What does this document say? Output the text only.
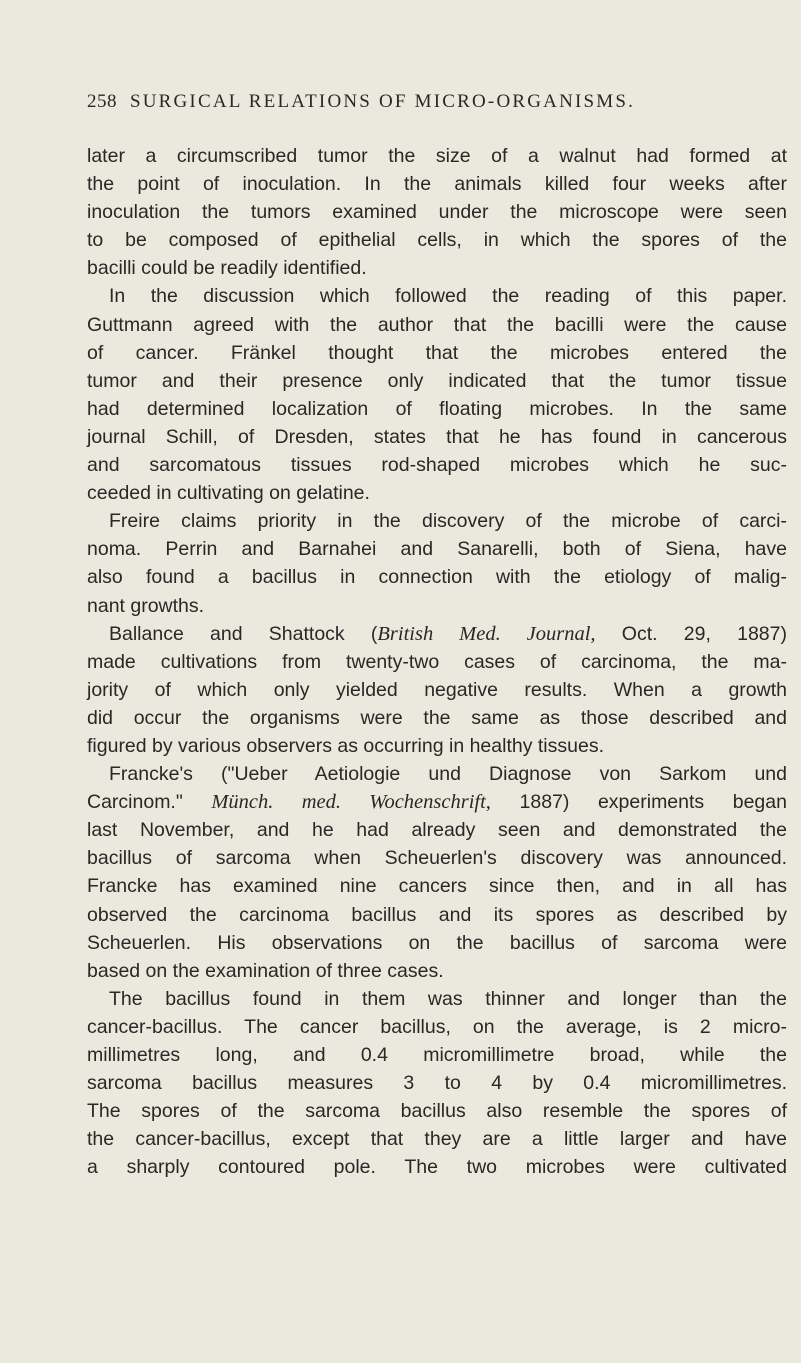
258 SURGICAL RELATIONS OF MICRO-ORGANISMS.
later a circumscribed tumor the size of a walnut had formed at
the point of inoculation. In the animals killed four weeks after
inoculation the tumors examined under the microscope were seen
to be composed of epithelial cells, in which the spores of the
bacilli could be readily identified.
In the discussion which followed the reading of this paper.
Guttmann agreed with the author that the bacilli were the cause
of cancer. Fränkel thought that the microbes entered the
tumor and their presence only indicated that the tumor tissue
had determined localization of floating microbes. In the same
journal Schill, of Dresden, states that he has found in cancerous
and sarcomatous tissues rod-shaped microbes which he suc-
ceeded in cultivating on gelatine.
Freire claims priority in the discovery of the microbe of carci-
noma. Perrin and Barnahei and Sanarelli, both of Siena, have
also found a bacillus in connection with the etiology of malig-
nant growths.
Ballance and Shattock (British Med. Journal, Oct. 29, 1887)
made cultivations from twenty-two cases of carcinoma, the ma-
jority of which only yielded negative results. When a growth
did occur the organisms were the same as those described and
figured by various observers as occurring in healthy tissues.
Francke's ("Ueber Aetiologie und Diagnose von Sarkom und
Carcinom." Münch. med. Wochenschrift, 1887) experiments began
last November, and he had already seen and demonstrated the
bacillus of sarcoma when Scheuerlen's discovery was announced.
Francke has examined nine cancers since then, and in all has
observed the carcinoma bacillus and its spores as described by
Scheuerlen. His observations on the bacillus of sarcoma were
based on the examination of three cases.
The bacillus found in them was thinner and longer than the
cancer-bacillus. The cancer bacillus, on the average, is 2 micro-
millimetres long, and 0.4 micromillimetre broad, while the
sarcoma bacillus measures 3 to 4 by 0.4 micromillimetres.
The spores of the sarcoma bacillus also resemble the spores of
the cancer-bacillus, except that they are a little larger and have
a sharply contoured pole. The two microbes were cultivated
